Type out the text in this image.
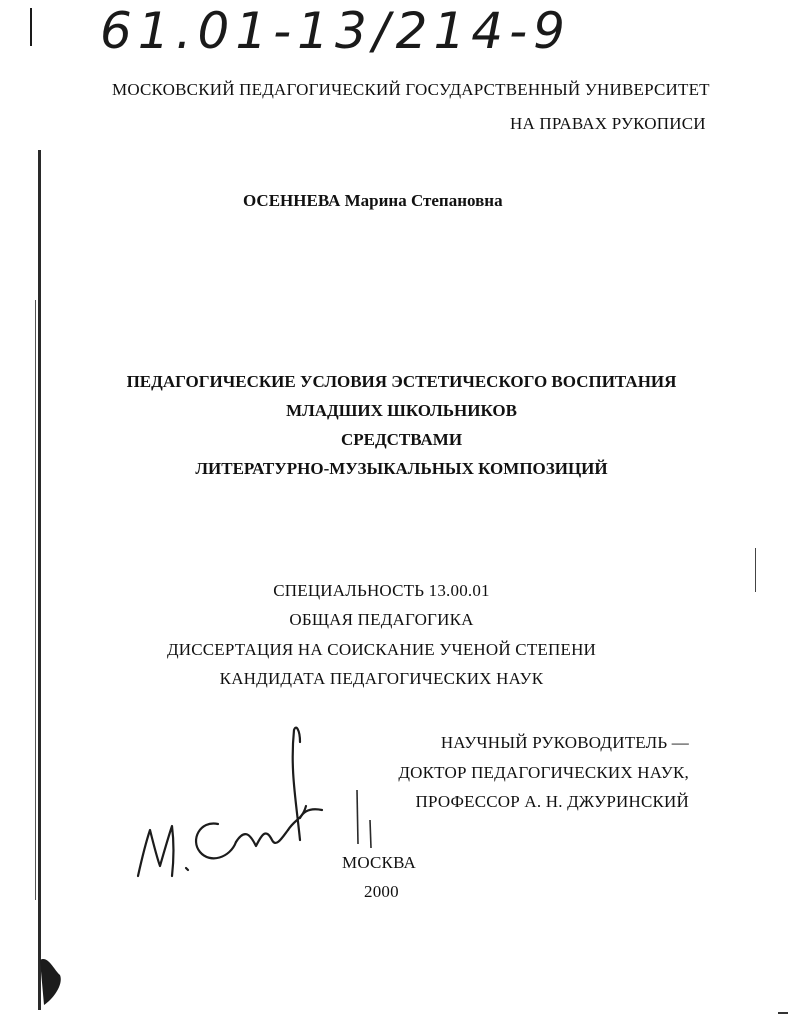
61.01-13/214-9

МОСКОВСКИЙ ПЕДАГОГИЧЕСКИЙ ГОСУДАРСТВЕННЫЙ УНИВЕРСИТЕТ

НА ПРАВАХ РУКОПИСИ

ОСЕННЕВА Марина Степановна

ПЕДАГОГИЧЕСКИЕ УСЛОВИЯ ЭСТЕТИЧЕСКОГО ВОСПИТАНИЯ

МЛАДШИХ ШКОЛЬНИКОВ

СРЕДСТВАМИ

ЛИТЕРАТУРНО-МУЗЫКАЛЬНЫХ КОМПОЗИЦИЙ

СПЕЦИАЛЬНОСТЬ 13.00.01

ОБЩАЯ ПЕДАГОГИКА

ДИССЕРТАЦИЯ НА СОИСКАНИЕ УЧЕНОЙ СТЕПЕНИ

КАНДИДАТА ПЕДАГОГИЧЕСКИХ НАУК

НАУЧНЫЙ РУКОВОДИТЕЛЬ —

ДОКТОР ПЕДАГОГИЧЕСКИХ НАУК,

ПРОФЕССОР А. Н. ДЖУРИНСКИЙ

МОСКВА

2000
